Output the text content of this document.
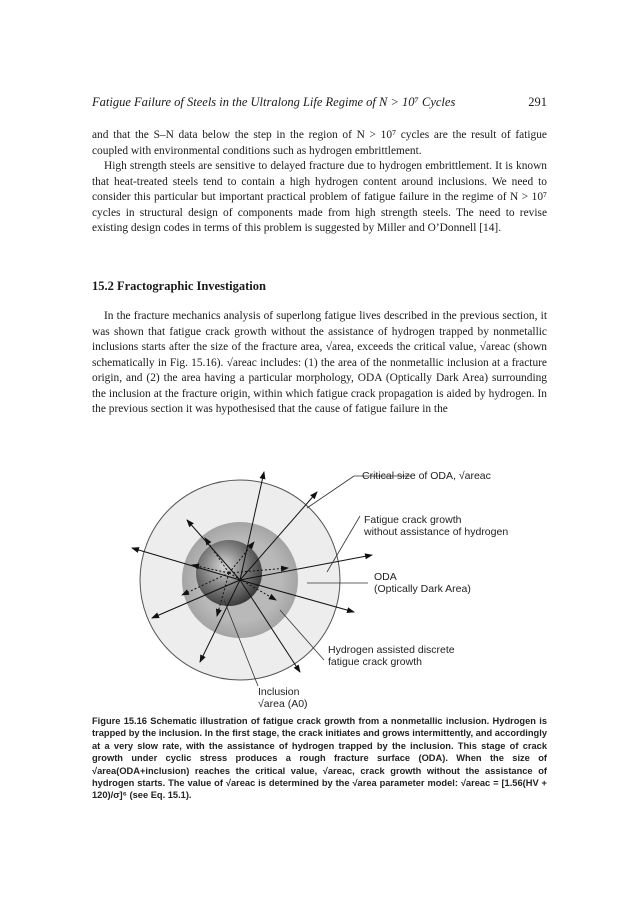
Fatigue Failure of Steels in the Ultralong Life Regime of N > 10⁷ Cycles	291

and that the S–N data below the step in the region of N > 10⁷ cycles are the result of fatigue coupled with environmental conditions such as hydrogen embrittlement.

High strength steels are sensitive to delayed fracture due to hydrogen embrittlement. It is known that heat-treated steels tend to contain a high hydrogen content around inclusions. We need to consider this particular but important practical problem of fatigue failure in the regime of N > 10⁷ cycles in structural design of components made from high strength steels. The need to revise existing design codes in terms of this problem is suggested by Miller and O’Donnell [14].

15.2 Fractographic Investigation

In the fracture mechanics analysis of superlong fatigue lives described in the previous section, it was shown that fatigue crack growth without the assistance of hydrogen trapped by nonmetallic inclusions starts after the size of the fracture area, √area, exceeds the critical value, √areac (shown schematically in Fig. 15.16). √areac includes: (1) the area of the nonmetallic inclusion at a fracture origin, and (2) the area having a particular morphology, ODA (Optically Dark Area) surrounding the inclusion at the fracture origin, within which fatigue crack propagation is aided by hydrogen. In the previous section it was hypothesised that the cause of fatigue failure in the

Critical size of ODA, √areac
Fatigue crack growth
without assistance of hydrogen
ODA
(Optically Dark Area)
Hydrogen assisted discrete
fatigue crack growth
Inclusion
√area (A0)

Figure 15.16 Schematic illustration of fatigue crack growth from a nonmetallic inclusion. Hydrogen is trapped by the inclusion. In the first stage, the crack initiates and grows intermittently, and accordingly at a very slow rate, with the assistance of hydrogen trapped by the inclusion. This stage of crack growth under cyclic stress produces a rough fracture surface (ODA). When the size of √area(ODA+inclusion) reaches the critical value, √areac, crack growth without the assistance of hydrogen starts. The value of √areac is determined by the √area parameter model: √areac = [1.56(HV + 120)/σ]⁶ (see Eq. 15.1).
